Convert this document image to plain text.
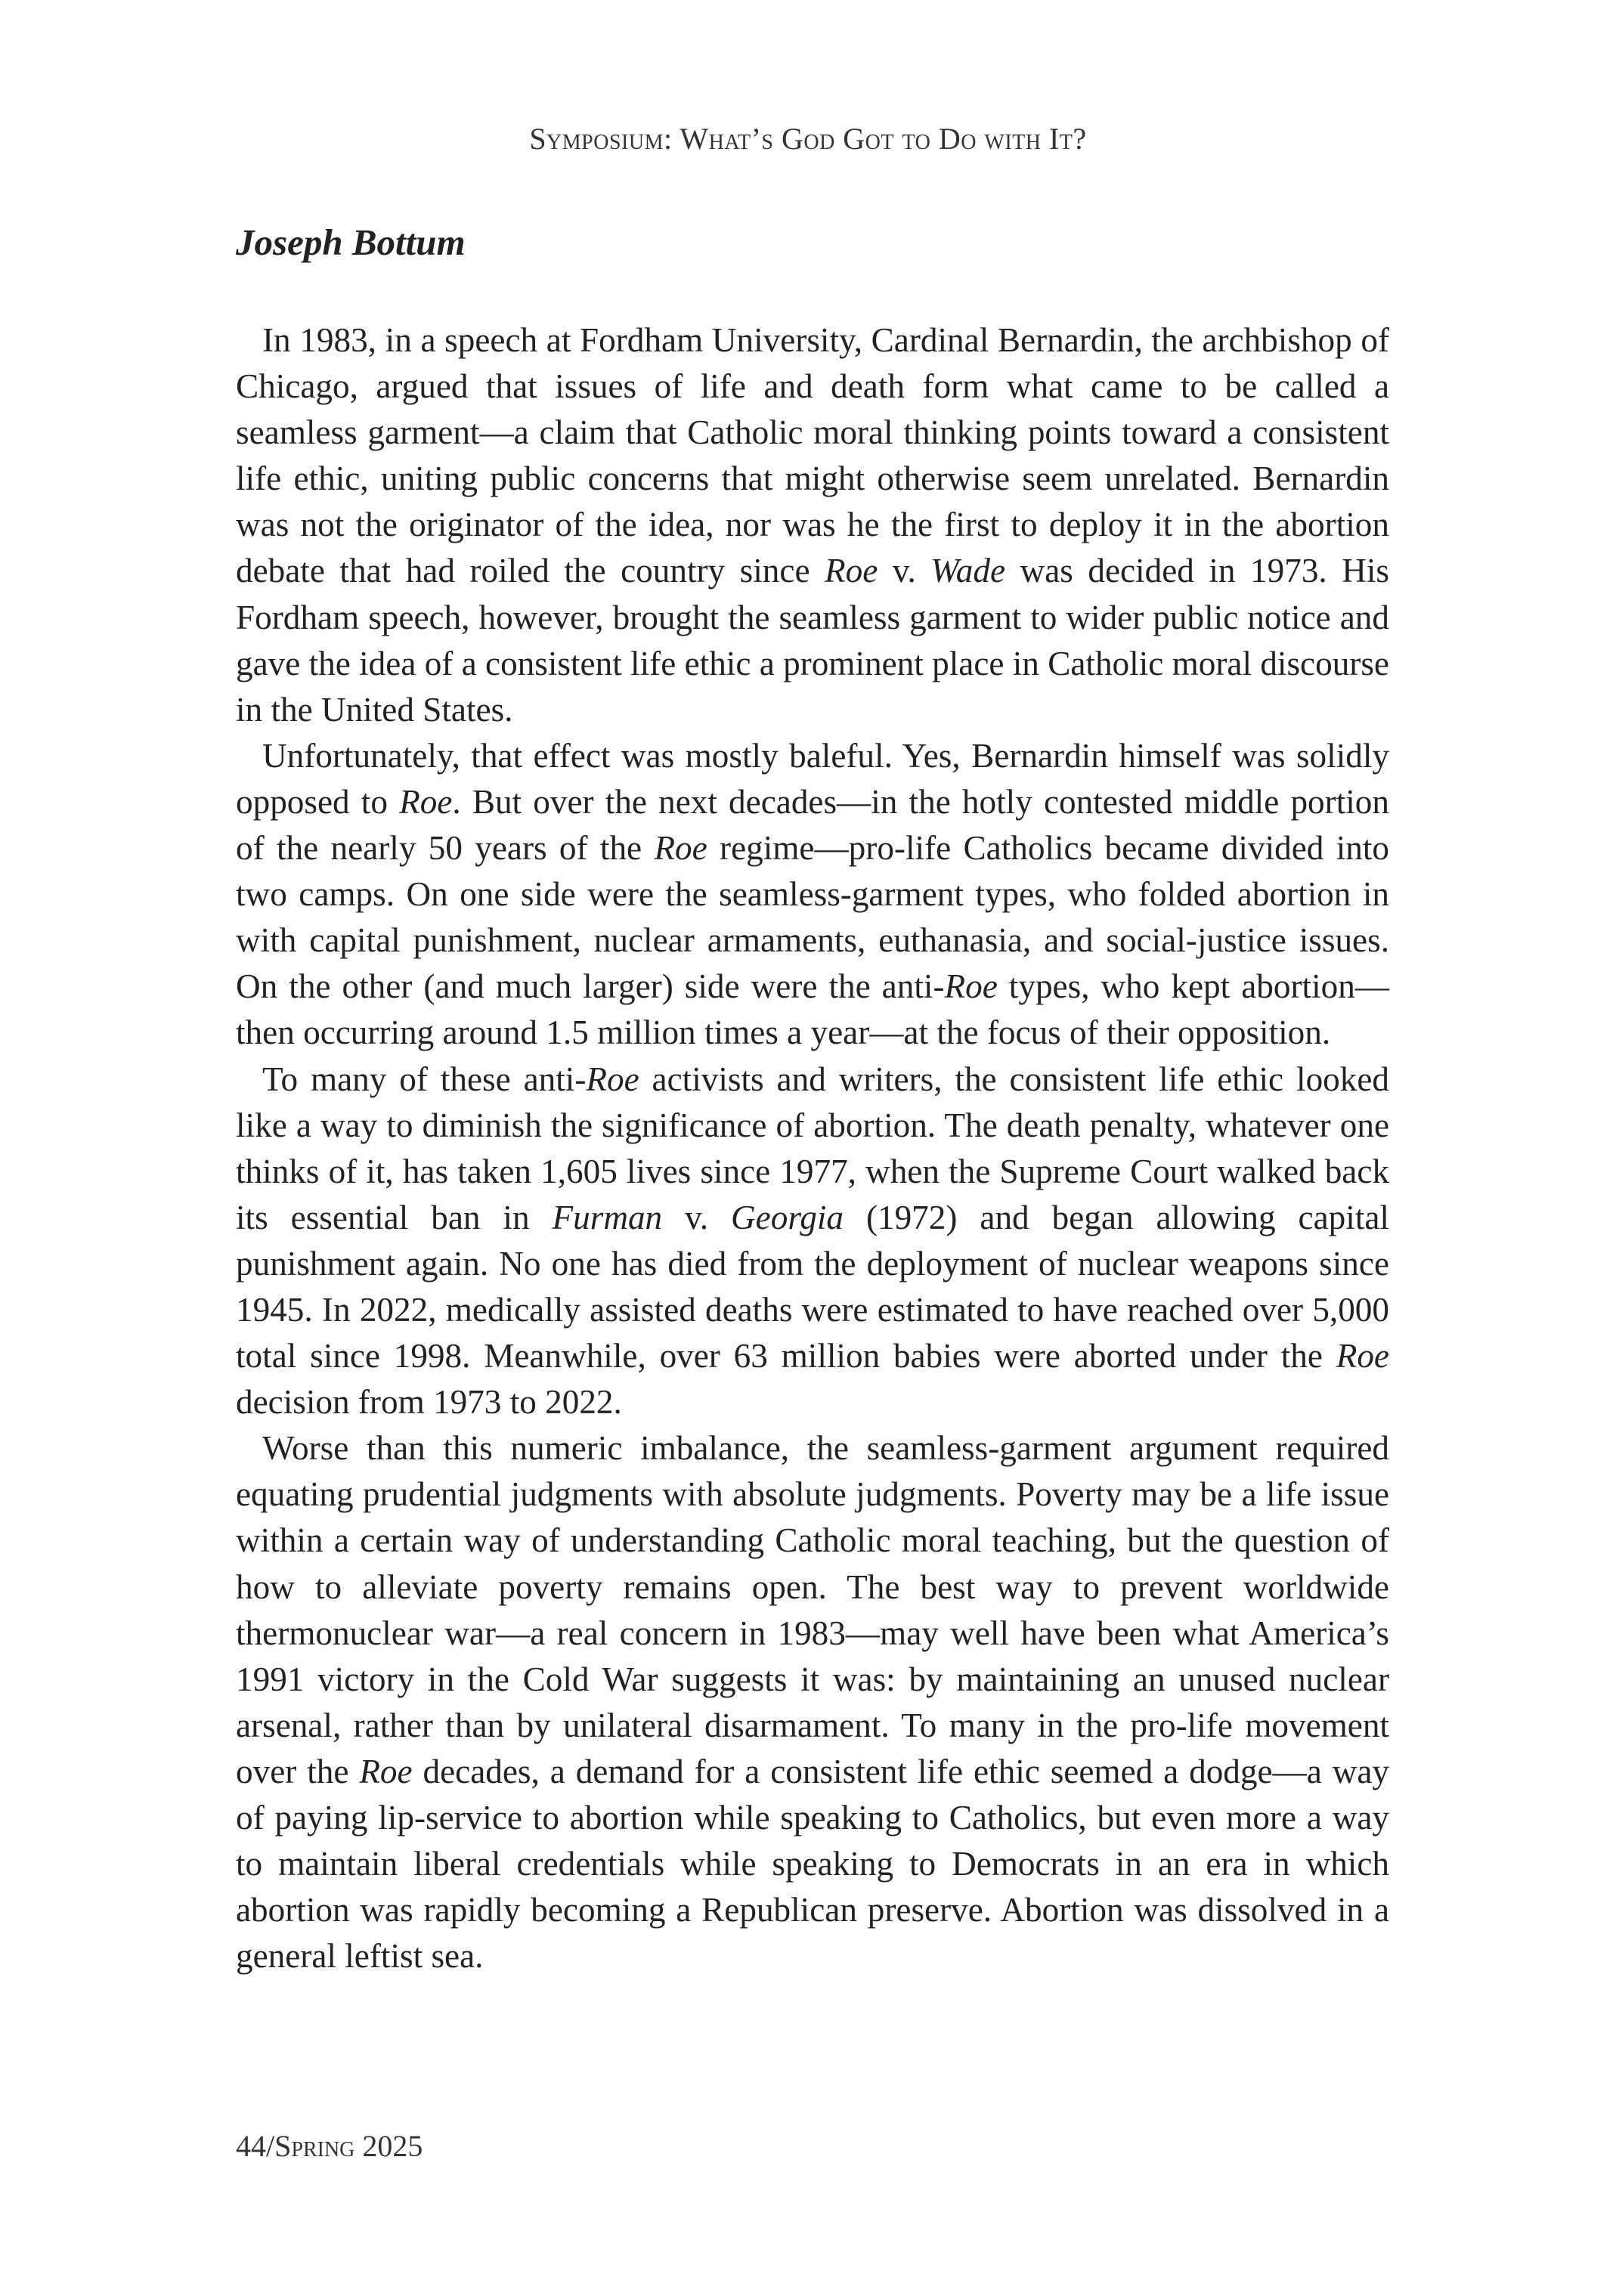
Symposium: What’s God Got to Do with It?
Joseph Bottum

In 1983, in a speech at Fordham University, Cardinal Bernardin, the archbishop of Chicago, argued that issues of life and death form what came to be called a seamless garment—a claim that Catholic moral thinking points toward a consistent life ethic, uniting public concerns that might otherwise seem unrelated. Bernardin was not the originator of the idea, nor was he the first to deploy it in the abortion debate that had roiled the country since Roe v. Wade was decided in 1973. His Fordham speech, however, brought the seamless garment to wider public notice and gave the idea of a consistent life ethic a prominent place in Catholic moral discourse in the United States.

Unfortunately, that effect was mostly baleful. Yes, Bernardin himself was solidly opposed to Roe. But over the next decades—in the hotly contested middle portion of the nearly 50 years of the Roe regime—pro-life Catholics became divided into two camps. On one side were the seamless-garment types, who folded abortion in with capital punishment, nuclear armaments, euthanasia, and social-justice issues. On the other (and much larger) side were the anti-Roe types, who kept abortion—then occurring around 1.5 million times a year—at the focus of their opposition.

To many of these anti-Roe activists and writers, the consistent life ethic looked like a way to diminish the significance of abortion. The death penalty, whatever one thinks of it, has taken 1,605 lives since 1977, when the Supreme Court walked back its essential ban in Furman v. Georgia (1972) and began allowing capital punishment again. No one has died from the deployment of nuclear weapons since 1945. In 2022, medically assisted deaths were estimated to have reached over 5,000 total since 1998. Meanwhile, over 63 million babies were aborted under the Roe decision from 1973 to 2022.

Worse than this numeric imbalance, the seamless-garment argument required equating prudential judgments with absolute judgments. Poverty may be a life issue within a certain way of understanding Catholic moral teaching, but the question of how to alleviate poverty remains open. The best way to prevent worldwide thermonuclear war—a real concern in 1983—may well have been what America’s 1991 victory in the Cold War suggests it was: by maintaining an unused nuclear arsenal, rather than by unilateral disarmament. To many in the pro-life movement over the Roe decades, a demand for a consistent life ethic seemed a dodge—a way of paying lip-service to abortion while speaking to Catholics, but even more a way to maintain liberal credentials while speaking to Democrats in an era in which abortion was rapidly becoming a Republican preserve. Abortion was dissolved in a general leftist sea.

44/Spring 2025
